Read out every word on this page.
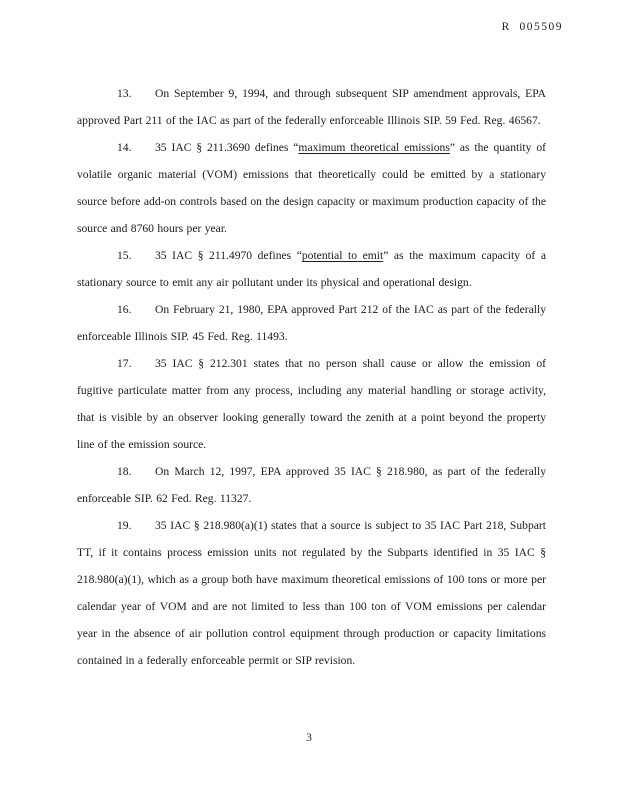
R  005509
13. On September 9, 1994, and through subsequent SIP amendment approvals, EPA approved Part 211 of the IAC as part of the federally enforceable Illinois SIP. 59 Fed. Reg. 46567.
14. 35 IAC § 211.3690 defines “maximum theoretical emissions” as the quantity of volatile organic material (VOM) emissions that theoretically could be emitted by a stationary source before add-on controls based on the design capacity or maximum production capacity of the source and 8760 hours per year.
15. 35 IAC § 211.4970 defines “potential to emit” as the maximum capacity of a stationary source to emit any air pollutant under its physical and operational design.
16. On February 21, 1980, EPA approved Part 212 of the IAC as part of the federally enforceable Illinois SIP. 45 Fed. Reg. 11493.
17. 35 IAC § 212.301 states that no person shall cause or allow the emission of fugitive particulate matter from any process, including any material handling or storage activity, that is visible by an observer looking generally toward the zenith at a point beyond the property line of the emission source.
18. On March 12, 1997, EPA approved 35 IAC § 218.980, as part of the federally enforceable SIP. 62 Fed. Reg. 11327.
19. 35 IAC § 218.980(a)(1) states that a source is subject to 35 IAC Part 218, Subpart TT, if it contains process emission units not regulated by the Subparts identified in 35 IAC § 218.980(a)(1), which as a group both have maximum theoretical emissions of 100 tons or more per calendar year of VOM and are not limited to less than 100 ton of VOM emissions per calendar year in the absence of air pollution control equipment through production or capacity limitations contained in a federally enforceable permit or SIP revision.
3
